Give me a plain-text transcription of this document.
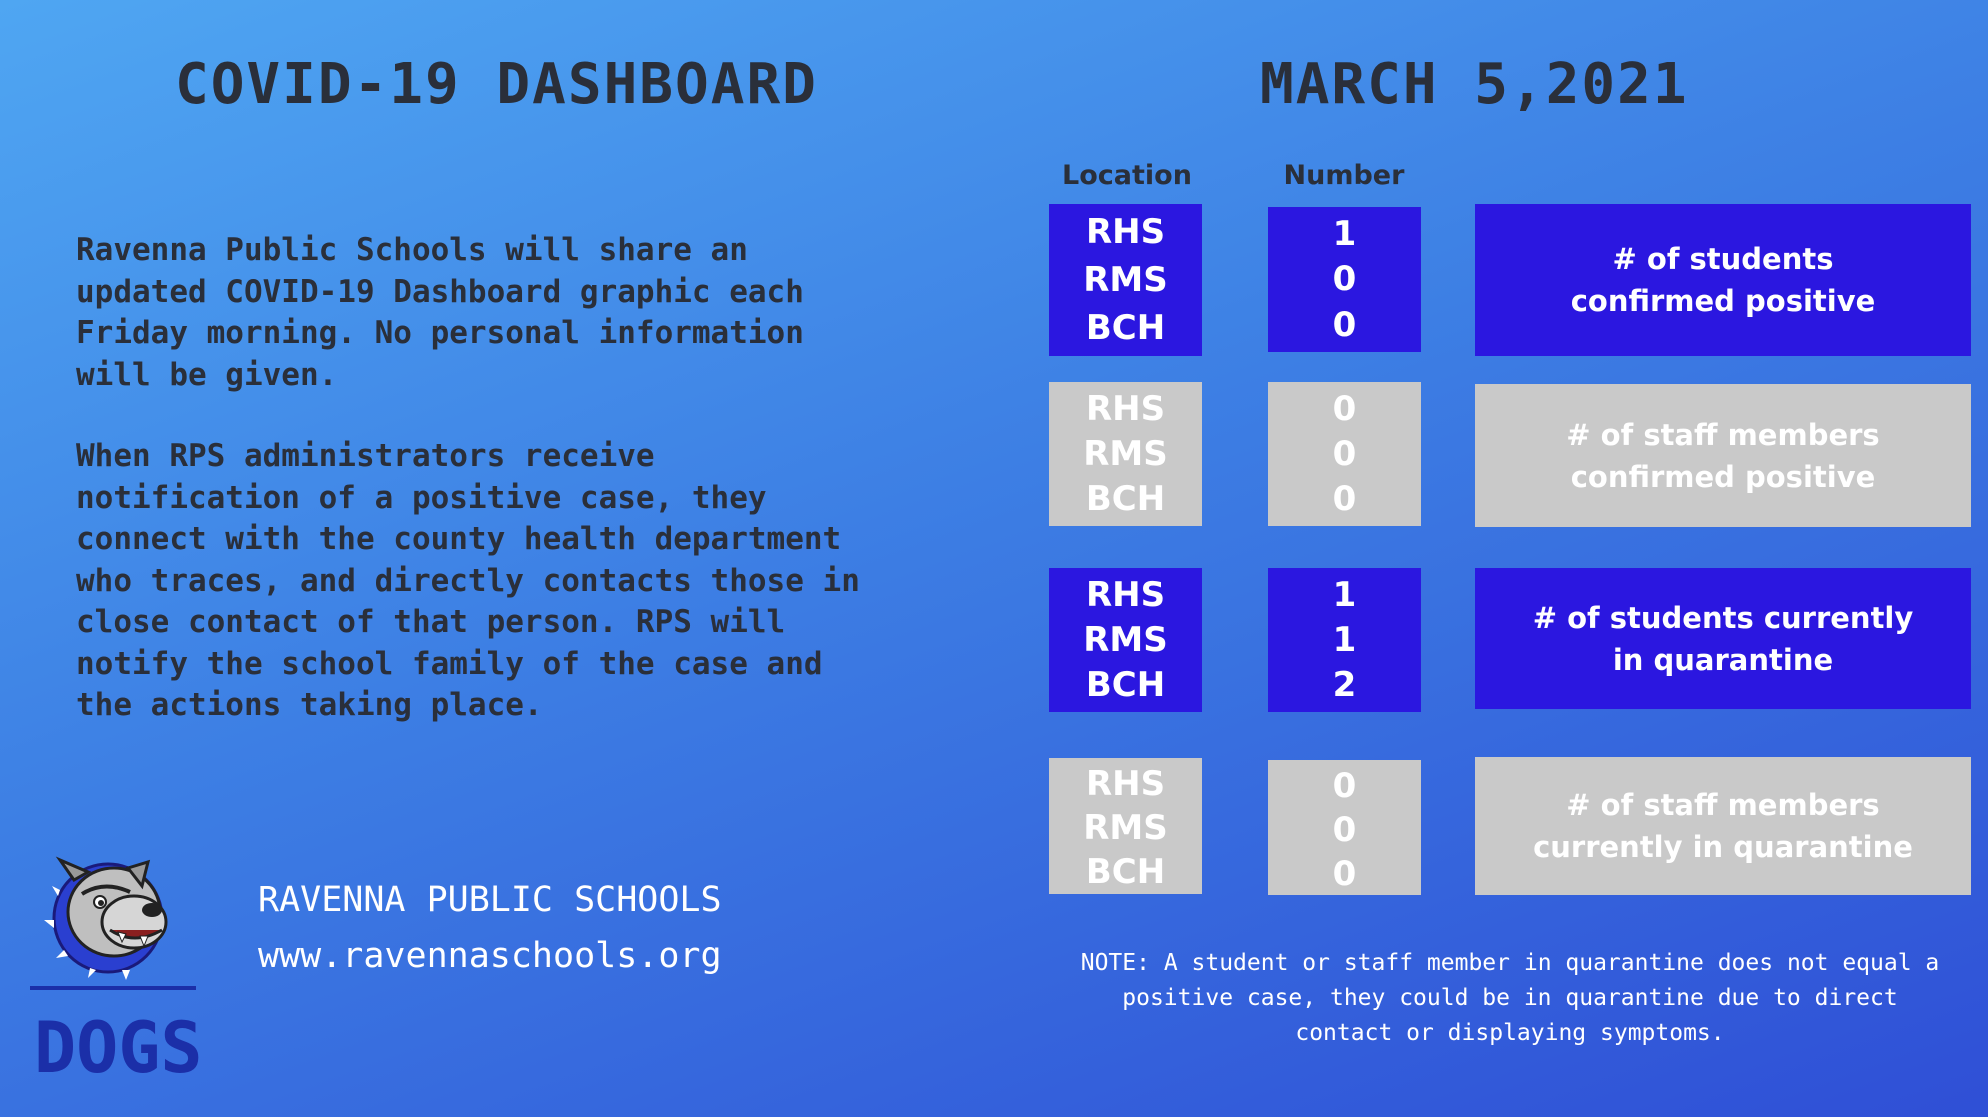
COVID-19 DASHBOARD	MARCH 5,2021
Ravenna Public Schools will share an updated COVID-19 Dashboard graphic each Friday morning. No personal information will be given.
When RPS administrators receive notification of a positive case, they connect with the county health department who traces, and directly contacts those in close contact of that person. RPS will notify the school family of the case and the actions taking place.
Location	Number
RHS
RMS
BCH
1
0
0
# of students
confirmed positive
RHS
RMS
BCH
0
0
0
# of staff members
confirmed positive
RHS
RMS
BCH
1
1
2
# of students currently
in quarantine
RHS
RMS
BCH
0
0
0
# of staff members
currently in quarantine
NOTE: A student or staff member in quarantine does not equal a positive case, they could be in quarantine due to direct contact or displaying symptoms.
RAVENNA PUBLIC SCHOOLS
www.ravennaschools.org
DOGS
